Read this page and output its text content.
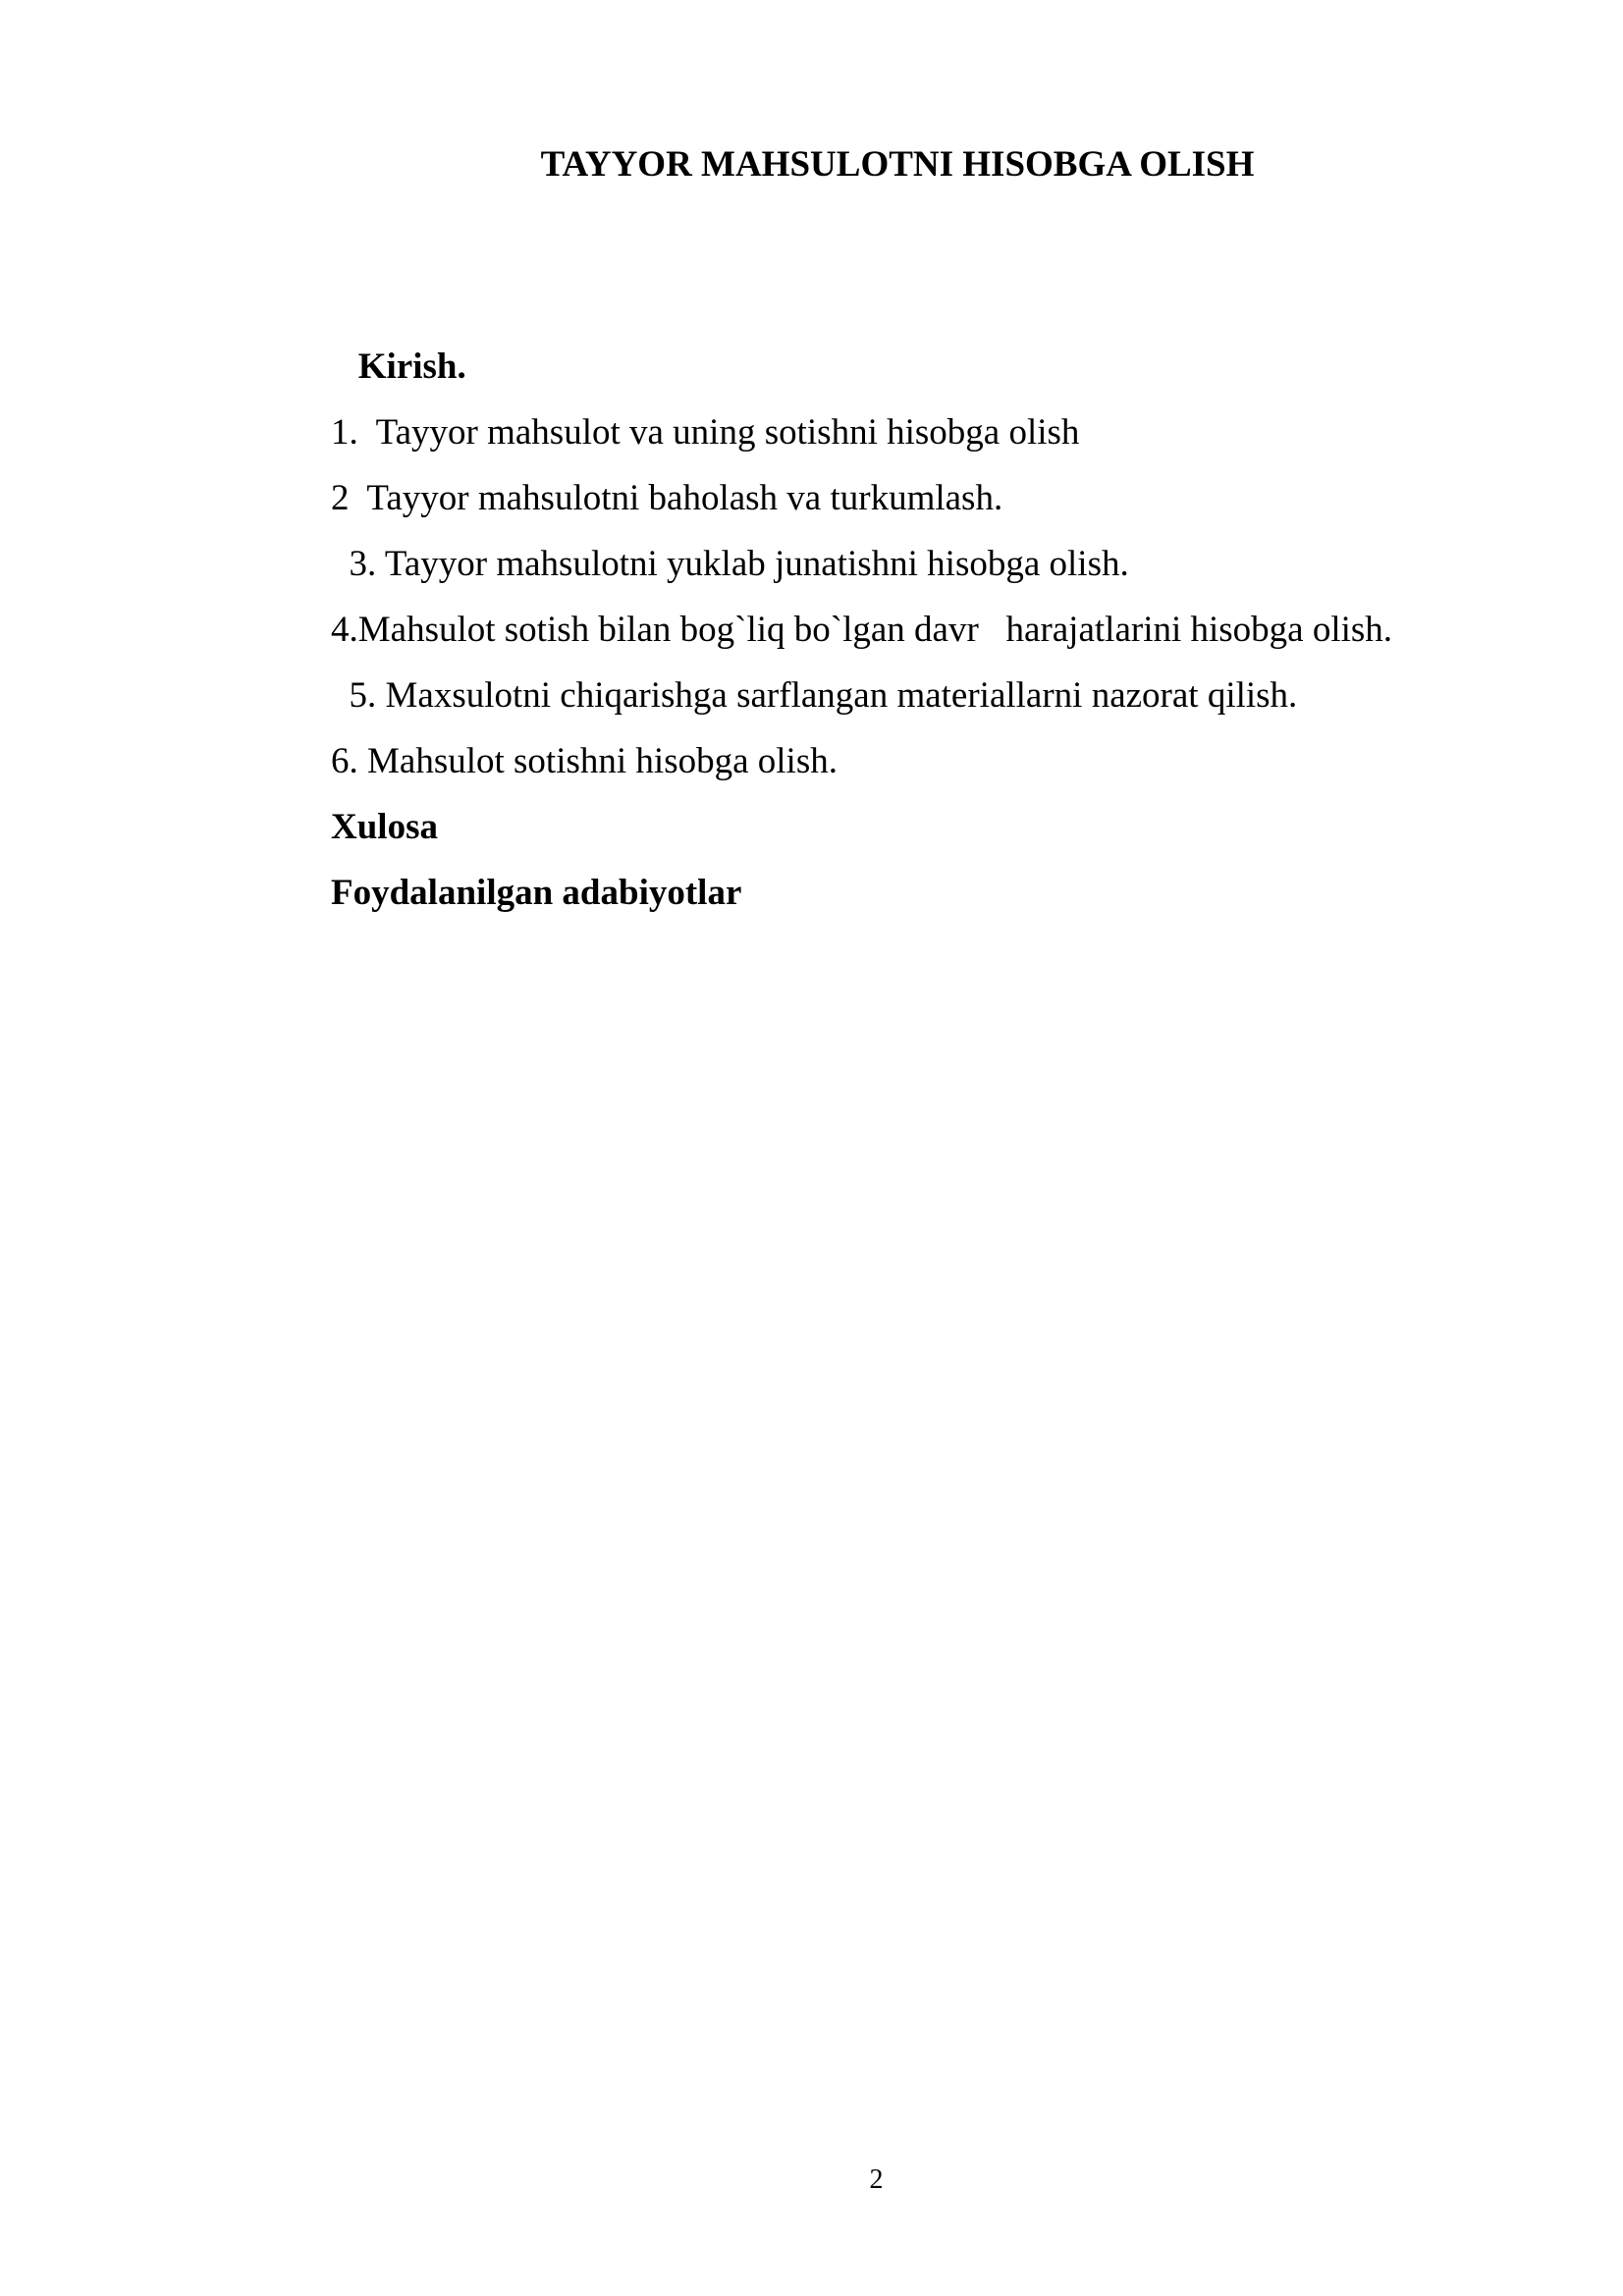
TAYYOR MAHSULOTNI HISOBGA OLISH
Kirish.
1.  Tayyor mahsulot va uning sotishni hisobga olish
2  Tayyor mahsulotni baholash va turkumlash.
3. Tayyor mahsulotni yuklab junatishni hisobga olish.
4.Mahsulot sotish bilan bog`liq bo`lgan davr   harajatlarini hisobga olish.
5. Maxsulotni chiqarishga sarflangan materiallarni nazorat qilish.
6. Mahsulot sotishni hisobga olish.
Xulosa
Foydalanilgan adabiyotlar
2
